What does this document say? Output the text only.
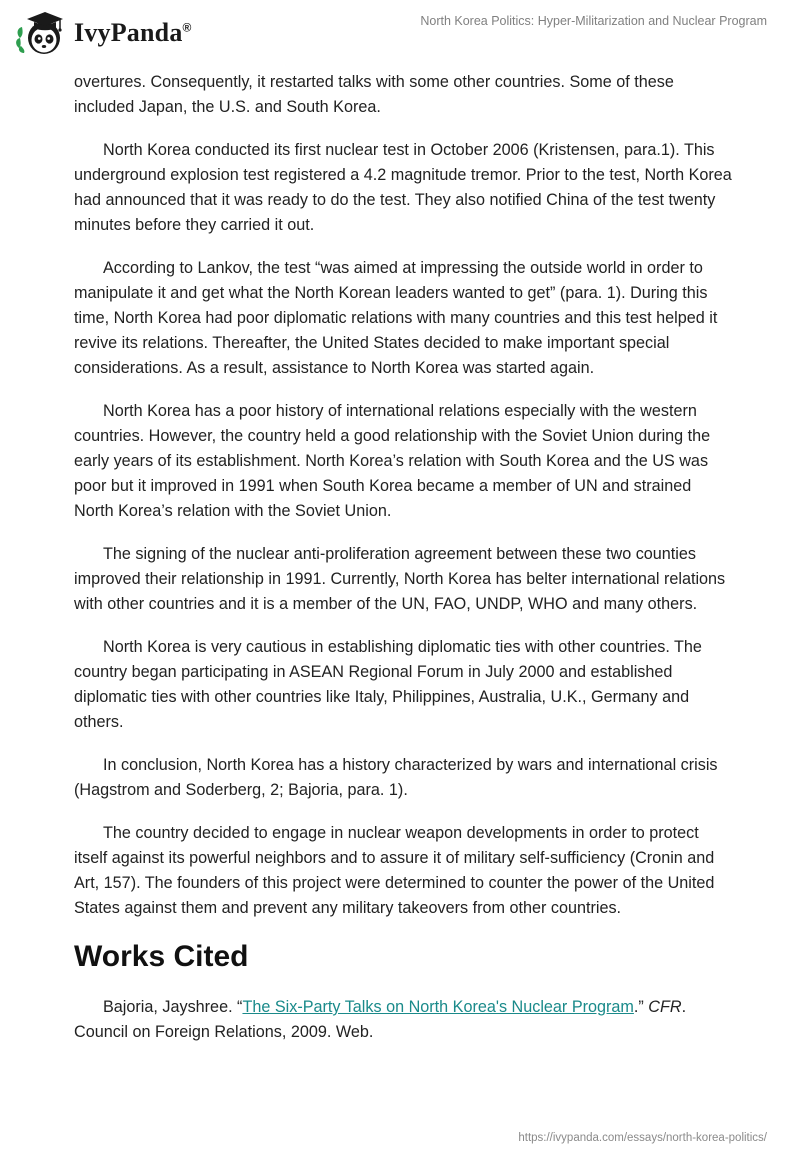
IvyPanda®	North Korea Politics: Hyper-Militarization and Nuclear Program

overtures. Consequently, it restarted talks with some other countries. Some of these included Japan, the U.S. and South Korea.

North Korea conducted its first nuclear test in October 2006 (Kristensen, para.1). This underground explosion test registered a 4.2 magnitude tremor. Prior to the test, North Korea had announced that it was ready to do the test. They also notified China of the test twenty minutes before they carried it out.

According to Lankov, the test “was aimed at impressing the outside world in order to manipulate it and get what the North Korean leaders wanted to get” (para. 1). During this time, North Korea had poor diplomatic relations with many countries and this test helped it revive its relations. Thereafter, the United States decided to make important special considerations. As a result, assistance to North Korea was started again.

North Korea has a poor history of international relations especially with the western countries. However, the country held a good relationship with the Soviet Union during the early years of its establishment. North Korea’s relation with South Korea and the US was poor but it improved in 1991 when South Korea became a member of UN and strained North Korea’s relation with the Soviet Union.

The signing of the nuclear anti-proliferation agreement between these two counties improved their relationship in 1991. Currently, North Korea has belter international relations with other countries and it is a member of the UN, FAO, UNDP, WHO and many others.

North Korea is very cautious in establishing diplomatic ties with other countries. The country began participating in ASEAN Regional Forum in July 2000 and established diplomatic ties with other countries like Italy, Philippines, Australia, U.K., Germany and others.

In conclusion, North Korea has a history characterized by wars and international crisis (Hagstrom and Soderberg, 2; Bajoria, para. 1).

The country decided to engage in nuclear weapon developments in order to protect itself against its powerful neighbors and to assure it of military self-sufficiency (Cronin and Art, 157). The founders of this project were determined to counter the power of the United States against them and prevent any military takeovers from other countries.

Works Cited

Bajoria, Jayshree. “The Six-Party Talks on North Korea's Nuclear Program.” CFR. Council on Foreign Relations, 2009. Web.

https://ivypanda.com/essays/north-korea-politics/
